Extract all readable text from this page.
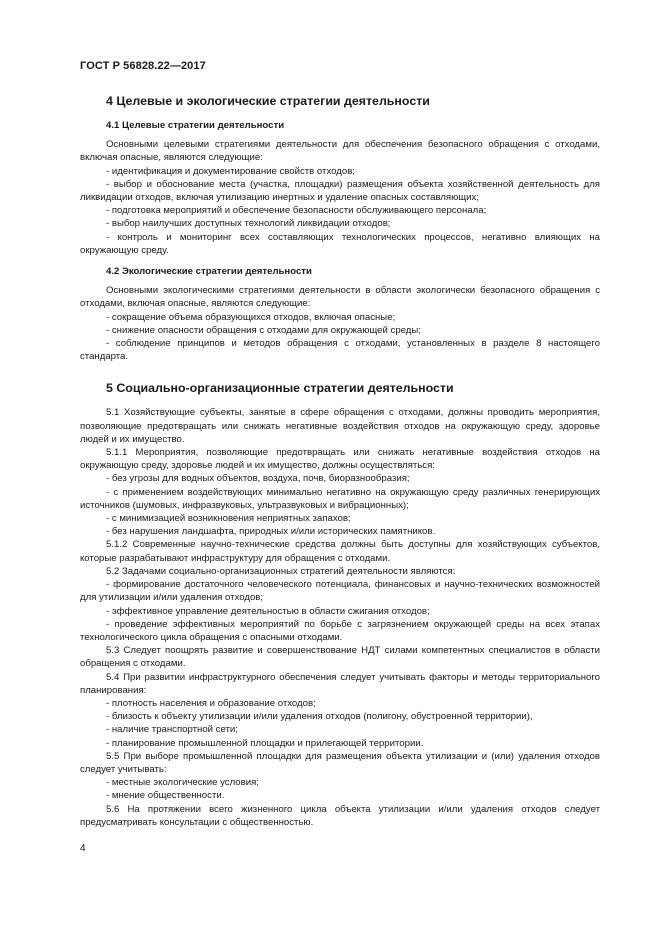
ГОСТ Р 56828.22—2017
4 Целевые и экологические стратегии деятельности
4.1 Целевые стратегии деятельности

Основными целевыми стратегиями деятельности для обеспечения безопасного обращения с отходами, включая опасные, являются следующие:

- идентификация и документирование свойств отходов;

- выбор и обоснование места (участка, площадки) размещения объекта хозяйственной деятельность для ликвидации отходов, включая утилизацию инертных и удаление опасных составляющих;

- подготовка мероприятий и обеспечение безопасности обслуживающего персонала;

- выбор наилучших доступных технологий ликвидации отходов;

- контроль и мониторинг всех составляющих технологических процессов, негативно влияющих на окружающую среду.

4.2 Экологические стратегии деятельности

Основными экологическими стратегиями деятельности в области экологически безопасного обращения с отходами, включая опасные, являются следующие:

- сокращение объема образующихся отходов, включая опасные;

- снижение опасности обращения с отходами для окружающей среды;

- соблюдение принципов и методов обращения с отходами, установленных в разделе 8 настоящего стандарта.

5 Социально-организационные стратегии деятельности

5.1 Хозяйствующие субъекты, занятые в сфере обращения с отходами, должны проводить мероприятия, позволяющие предотвращать или снижать негативные воздействия отходов на окружающую среду, здоровье людей и их имущество.

5.1.1 Мероприятия, позволяющие предотвращать или снижать негативные воздействия отходов на окружающую среду, здоровье людей и их имущество, должны осуществляться:

- без угрозы для водных объектов, воздуха, почв, биоразнообразия;

- с применением воздействующих минимально негативно на окружающую среду различных генерирующих источников (шумовых, инфразвуковых, ультразвуковых и вибрационных);

- с минимизацией возникновения неприятных запахов;

- без нарушения ландшафта, природных и/или исторических памятников.

5.1.2 Современные научно-технические средства должны быть доступны для хозяйствующих субъектов, которые разрабатывают инфраструктуру для обращения с отходами.

5.2 Задачами социально-организационных стратегий деятельности являются:

- формирование достаточного человеческого потенциала, финансовых и научно-технических возможностей для утилизации и/или удаления отходов;

- эффективное управление деятельностью в области сжигания отходов;

- проведение эффективных мероприятий по борьбе с загрязнением окружающей среды на всех этапах технологического цикла обращения с опасными отходами.

5.3 Следует поощрять развитие и совершенствование НДТ силами компетентных специалистов в области обращения с отходами.

5.4 При развитии инфраструктурного обеспечения следует учитывать факторы и методы территориального планирования:

- плотность населения и образование отходов;

- близость к объекту утилизации и/или удаления отходов (полигону, обустроенной территории),

- наличие транспортной сети;

- планирование промышленной площадки и прилегающей территории.

5.5 При выборе промышленной площадки для размещения объекта утилизации и (или) удаления отходов следует учитывать:

- местные экологические условия;

- мнение общественности.

5.6 На протяжении всего жизненного цикла объекта утилизации и/или удаления отходов следует предусматривать консультации с общественностью.

4
